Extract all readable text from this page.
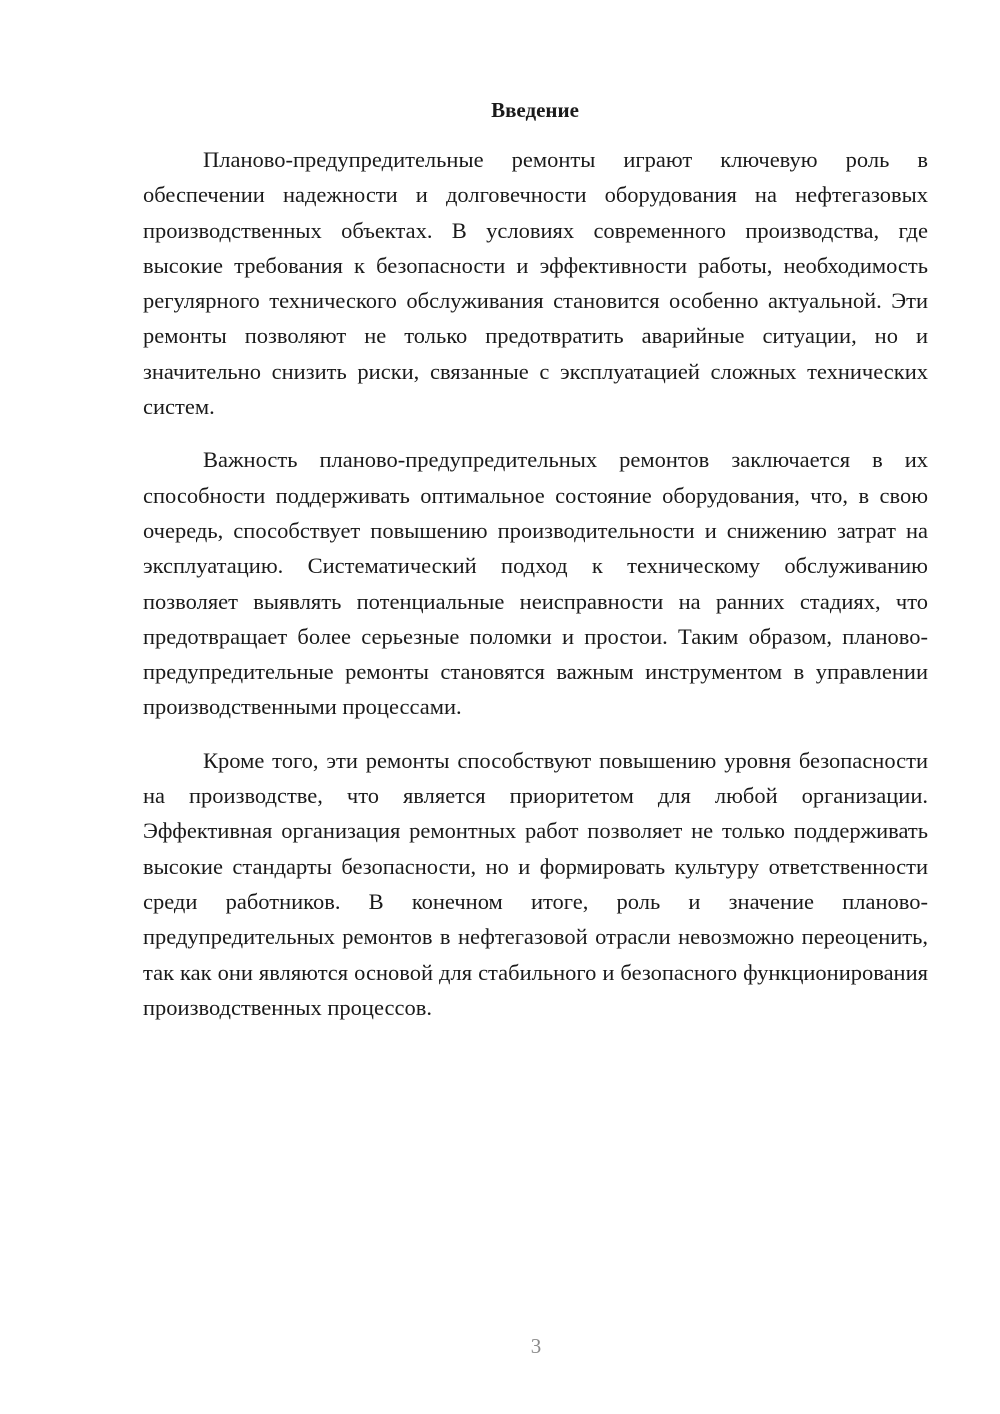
Введение

Планово-предупредительные ремонты играют ключевую роль в обеспечении надежности и долговечности оборудования на нефтегазовых производственных объектах. В условиях современного производства, где высокие требования к безопасности и эффективности работы, необходимость регулярного технического обслуживания становится особенно актуальной. Эти ремонты позволяют не только предотвратить аварийные ситуации, но и значительно снизить риски, связанные с эксплуатацией сложных технических систем.

Важность планово-предупредительных ремонтов заключается в их способности поддерживать оптимальное состояние оборудования, что, в свою очередь, способствует повышению производительности и снижению затрат на эксплуатацию. Систематический подход к техническому обслуживанию позволяет выявлять потенциальные неисправности на ранних стадиях, что предотвращает более серьезные поломки и простои. Таким образом, планово-предупредительные ремонты становятся важным инструментом в управлении производственными процессами.

Кроме того, эти ремонты способствуют повышению уровня безопасности на производстве, что является приоритетом для любой организации. Эффективная организация ремонтных работ позволяет не только поддерживать высокие стандарты безопасности, но и формировать культуру ответственности среди работников. В конечном итоге, роль и значение планово-предупредительных ремонтов в нефтегазовой отрасли невозможно переоценить, так как они являются основой для стабильного и безопасного функционирования производственных процессов.

3
